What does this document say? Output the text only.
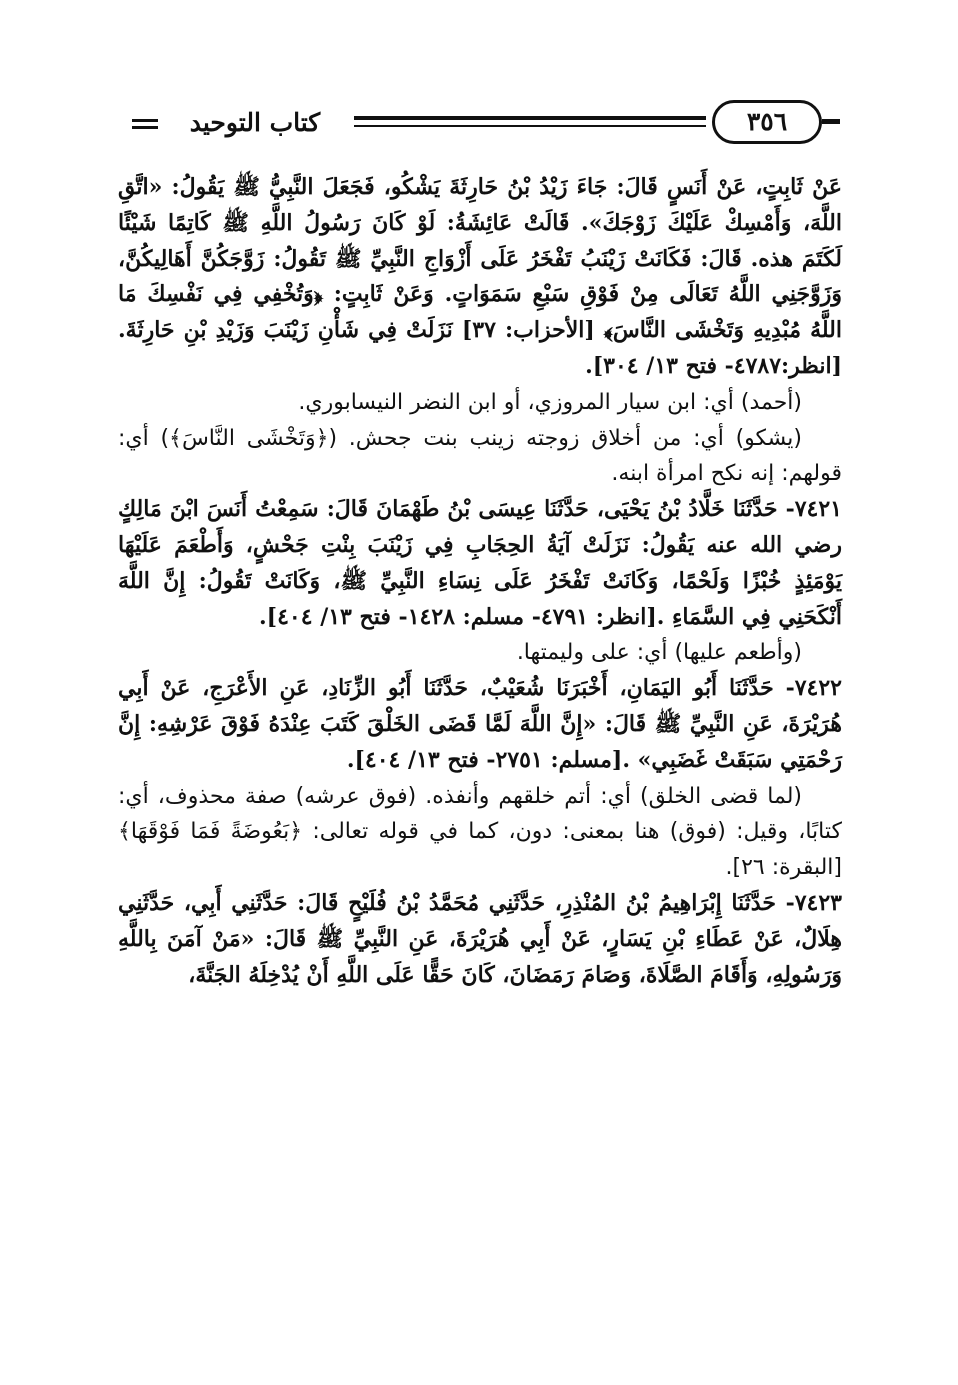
كتاب التوحيد	٣٥٦

عَنْ ثَابِتٍ، عَنْ أَنَسٍ قَالَ: جَاءَ زَيْدُ بْنُ حَارِثَةَ يَشْكُو، فَجَعَلَ النَّبِيُّ ﷺ يَقُولُ: «اتَّقِ اللَّهَ، وَأَمْسِكْ عَلَيْكَ زَوْجَكَ». قَالَتْ عَائِشَةُ: لَوْ كَانَ رَسُولُ اللَّهِ ﷺ كَاتِمًا شَيْئًا لَكَتَمَ هذه. قَالَ: فَكَانَتْ زَيْنَبُ تَفْخَرُ عَلَى أَزْوَاجِ النَّبِيِّ ﷺ تَقُولُ: زَوَّجَكُنَّ أَهَالِيكُنَّ، وَزَوَّجَنِي اللَّهُ تَعَالَى مِنْ فَوْقِ سَبْعِ سَمَوَاتٍ. وَعَنْ ثَابِتٍ: ﴿وَتُخْفِي فِي نَفْسِكَ مَا اللَّهُ مُبْدِيهِ وَتَخْشَى النَّاسَ﴾ [الأحزاب: ٣٧] نَزَلَتْ فِي شَأْنِ زَيْنَبَ وَزَيْدِ بْنِ حَارِثَةَ. [انظر:٤٧٨٧- فتح ١٣/ ٣٠٤].

(أحمد) أي: ابن سيار المروزي، أو ابن النضر النيسابوري.

(يشكو) أي: من أخلاق زوجته زينب بنت جحش. (﴿وَتَخْشَى النَّاسَ﴾) أي: قولهم: إنه نكح امرأة ابنه.

٧٤٢١- حَدَّثَنَا خَلَّادُ بْنُ يَحْيَى، حَدَّثَنَا عِيسَى بْنُ طَهْمَانَ قَالَ: سَمِعْتُ أَنَسَ ابْنَ مَالِكٍ رضي الله عنه يَقُولُ: نَزَلَتْ آيَةُ الحِجَابِ فِي زَيْنَبَ بِنْتِ جَحْشٍ، وَأَطْعَمَ عَلَيْهَا يَوْمَئِذٍ خُبْزًا وَلَحْمًا، وَكَانَتْ تَفْخَرُ عَلَى نِسَاءِ النَّبِيِّ ﷺ، وَكَانَتْ تَقُولُ: إِنَّ اللَّهَ أَنْكَحَنِي فِي السَّمَاءِ .[انظر: ٤٧٩١- مسلم: ١٤٢٨- فتح ١٣/ ٤٠٤].

(وأطعم عليها) أي: على وليمتها.

٧٤٢٢- حَدَّثَنَا أَبُو اليَمَانِ، أَخْبَرَنَا شُعَيْبٌ، حَدَّثَنَا أَبُو الزِّنَادِ، عَنِ الأَعْرَجِ، عَنْ أَبِي هُرَيْرَةَ، عَنِ النَّبِيِّ ﷺ قَالَ: «إِنَّ اللَّهَ لَمَّا قَضَى الخَلْقَ كَتَبَ عِنْدَهُ فَوْقَ عَرْشِهِ: إِنَّ رَحْمَتِي سَبَقَتْ غَضَبِي» .[مسلم: ٢٧٥١- فتح ١٣/ ٤٠٤].

(لما قضى الخلق) أي: أتم خلقهم وأنفذه. (فوق عرشه) صفة محذوف، أي: كتابًا، وقيل: (فوق) هنا بمعنى: دون، كما في قوله تعالى: ﴿بَعُوضَةً فَمَا فَوْقَهَا﴾ [البقرة: ٢٦].

٧٤٢٣- حَدَّثَنَا إِبْرَاهِيمُ بْنُ المُنْذِرِ، حَدَّثَنِي مُحَمَّدُ بْنُ فُلَيْحٍ قَالَ: حَدَّثَنِي أَبِي، حَدَّثَنِي هِلَالٌ، عَنْ عَطَاءِ بْنِ يَسَارٍ، عَنْ أَبِي هُرَيْرَةَ، عَنِ النَّبِيِّ ﷺ قَالَ: «مَنْ آمَنَ بِاللَّهِ وَرَسُولِهِ، وَأَقَامَ الصَّلَاةَ، وَصَامَ رَمَضَانَ، كَانَ حَقًّا عَلَى اللَّهِ أَنْ يُدْخِلَهُ الجَنَّةَ،
